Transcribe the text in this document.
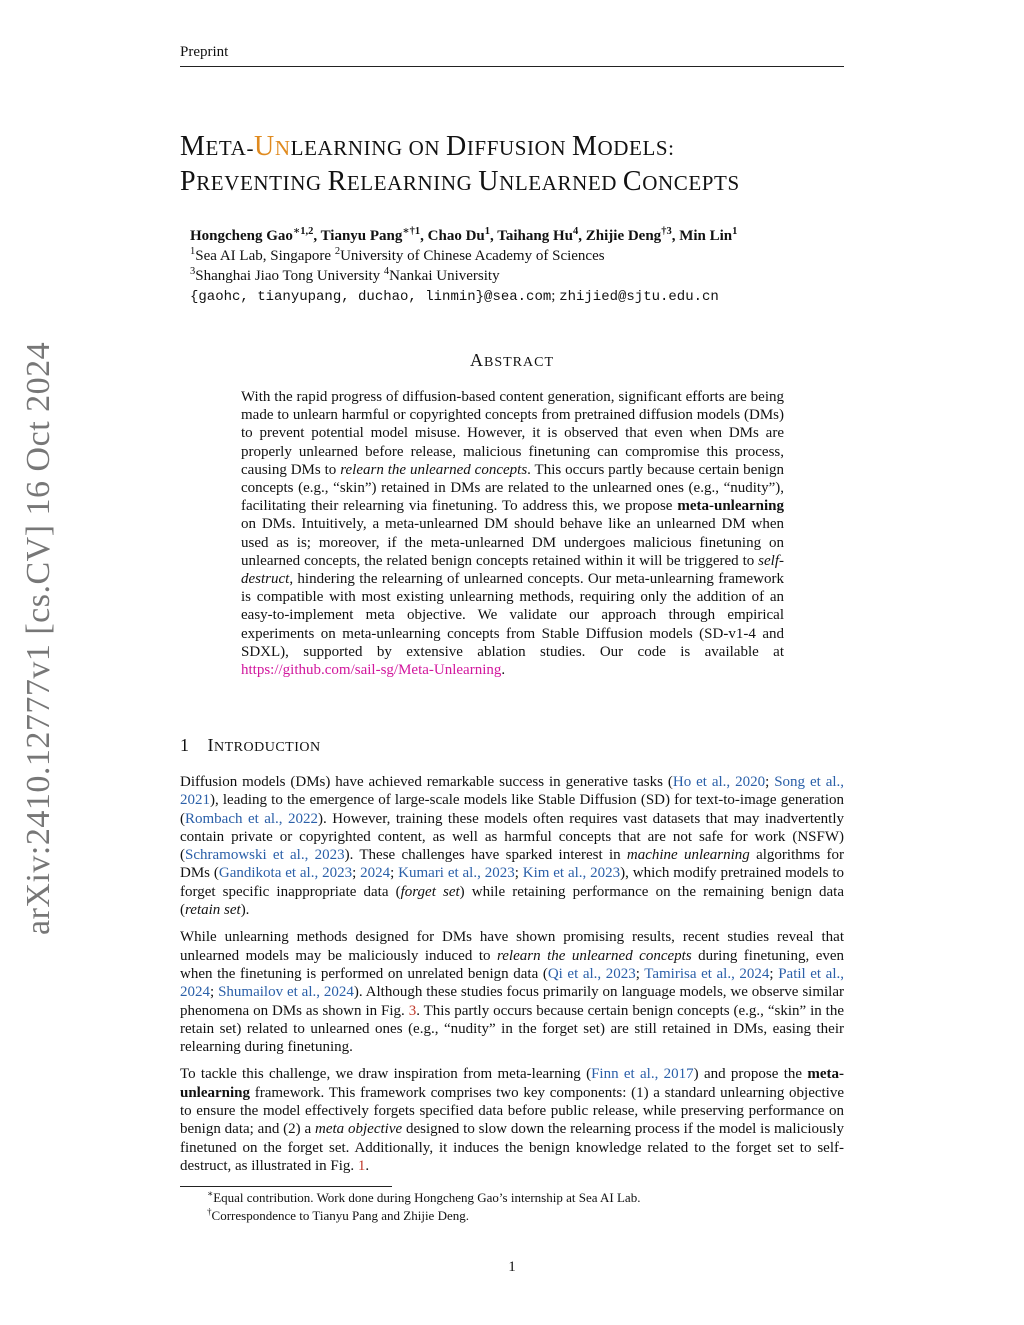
Preprint
arXiv:2410.12777v1 [cs.CV] 16 Oct 2024
META-UNLEARNING ON DIFFUSION MODELS:
PREVENTING RELEARNING UNLEARNED CONCEPTS
Hongcheng Gao$^{∗1,2}$, Tianyu Pang$^{∗\dagger 1}$, Chao Du$^1$, Taihang Hu$^4$, Zhijie Deng$^{\dagger 3}$, Min Lin$^1$
$^1$Sea AI Lab, Singapore $^2$University of Chinese Academy of Sciences
$^3$Shanghai Jiao Tong University $^4$Nankai University
{gaohc, tianyupang, duchao, linmin}@sea.com; zhijied@sjtu.edu.cn
ABSTRACT
With the rapid progress of diffusion-based content generation, significant efforts are being made to unlearn harmful or copyrighted concepts from pretrained diffusion models (DMs) to prevent potential model misuse. However, it is observed that even when DMs are properly unlearned before release, malicious finetuning can compromise this process, causing DMs to relearn the unlearned concepts. This occurs partly because certain benign concepts (e.g., “skin”) retained in DMs are related to the unlearned ones (e.g., “nudity”), facilitating their relearning via finetuning. To address this, we propose meta-unlearning on DMs. Intuitively, a meta-unlearned DM should behave like an unlearned DM when used as is; moreover, if the meta-unlearned DM undergoes malicious finetuning on unlearned concepts, the related benign concepts retained within it will be triggered to self-destruct, hindering the relearning of unlearned concepts. Our meta-unlearning framework is compatible with most existing unlearning methods, requiring only the addition of an easy-to-implement meta objective. We validate our approach through empirical experiments on meta-unlearning concepts from Stable Diffusion models (SD-v1-4 and SDXL), supported by extensive ablation studies. Our code is available at https://github.com/sail-sg/Meta-Unlearning.
1 INTRODUCTION

Diffusion models (DMs) have achieved remarkable success in generative tasks (Ho et al., 2020; Song et al., 2021), leading to the emergence of large-scale models like Stable Diffusion (SD) for text-to-image generation (Rombach et al., 2022). However, training these models often requires vast datasets that may inadvertently contain private or copyrighted content, as well as harmful concepts that are not safe for work (NSFW) (Schramowski et al., 2023). These challenges have sparked interest in machine unlearning algorithms for DMs (Gandikota et al., 2023; 2024; Kumari et al., 2023; Kim et al., 2023), which modify pretrained models to forget specific inappropriate data (forget set) while retaining performance on the remaining benign data (retain set).

While unlearning methods designed for DMs have shown promising results, recent studies reveal that unlearned models may be maliciously induced to relearn the unlearned concepts during finetuning, even when the finetuning is performed on unrelated benign data (Qi et al., 2023; Tamirisa et al., 2024; Patil et al., 2024; Shumailov et al., 2024). Although these studies focus primarily on language models, we observe similar phenomena on DMs as shown in Fig. 3. This partly occurs because certain benign concepts (e.g., “skin” in the retain set) related to unlearned ones (e.g., “nudity” in the forget set) are still retained in DMs, easing their relearning during finetuning.

To tackle this challenge, we draw inspiration from meta-learning (Finn et al., 2017) and propose the meta-unlearning framework. This framework comprises two key components: (1) a standard unlearning objective to ensure the model effectively forgets specified data before public release, while preserving performance on benign data; and (2) a meta objective designed to slow down the relearning process if the model is maliciously finetuned on the forget set. Additionally, it induces the benign knowledge related to the forget set to self-destruct, as illustrated in Fig. 1.

∗Equal contribution. Work done during Hongcheng Gao’s internship at Sea AI Lab.
†Correspondence to Tianyu Pang and Zhijie Deng.
1
